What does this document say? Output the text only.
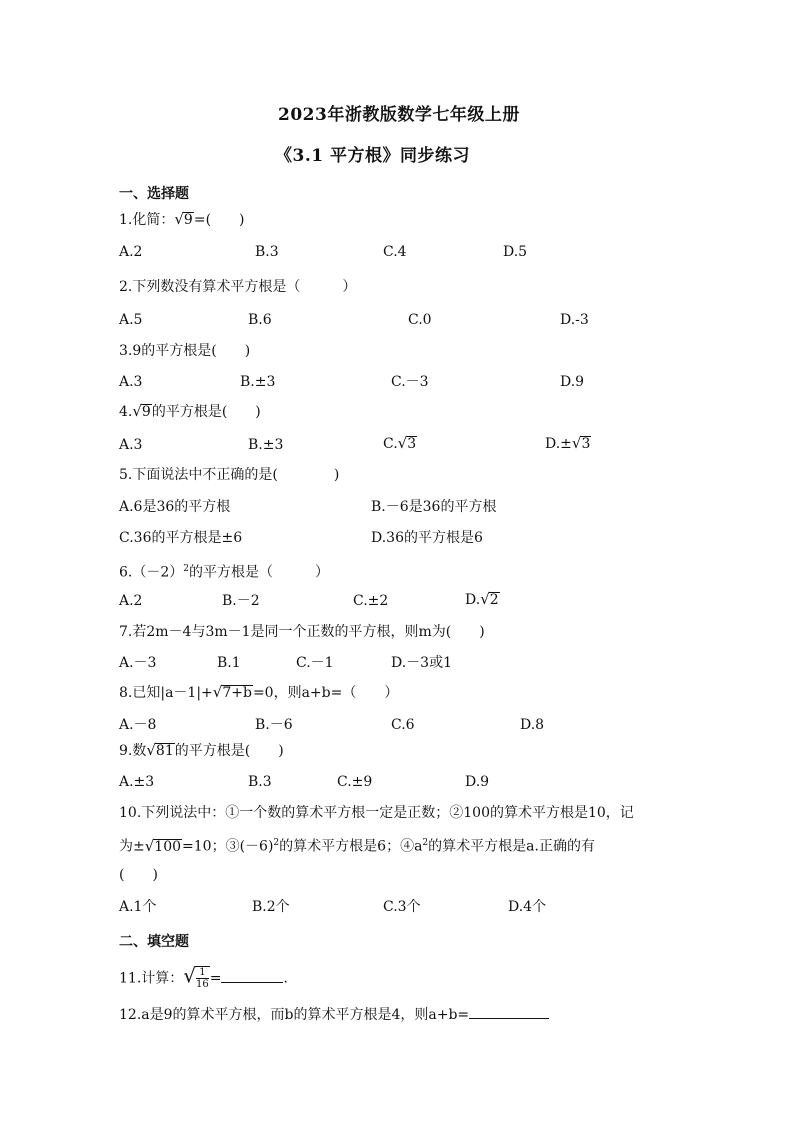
2023年浙教版数学七年级上册
《3.1 平方根》同步练习
一、选择题
1.化简：√9=(　　)
A.2	B.3	C.4	D.5
2.下列数没有算术平方根是（　　　）
A.5	B.6	C.0	D.-3
3.9的平方根是(　　)
A.3	B.±3	C.－3	D.9
4.√9的平方根是(　　)
A.3	B.±3	C.√3	D.±√3
5.下面说法中不正确的是(　　　　)
A.6是36的平方根	B.－6是36的平方根
C.36的平方根是±6	D.36的平方根是6
$6.(-2)^2$的平方根是（　　　）
A.2	B.－2	C.±2	D.√2
7.若2m－4与3m－1是同一个正数的平方根，则m为(　　)
A.－3	B.1	C.－1	D.－3或1
8.已知|a－1|+√7+b=0，则a+b=（　　）
A.－8	B.－6	C.6	D.8
9.数√81的平方根是(　　)
A.±3	B.3	C.±9	D.9
10.下列说法中：①一个数的算术平方根一定是正数；②100的算术平方根是10，记
为±√100=10；$③(-6)^2$的算术平方根是6；$④a^2$的算术平方根是a.正确的有
(　　)
A.1个	B.2个	C.3个	D.4个
二、填空题
11.计算：√ $\frac{1}{16}$ =	.
12.a是9的算术平方根，而b的算术平方根是4，则a+b=
